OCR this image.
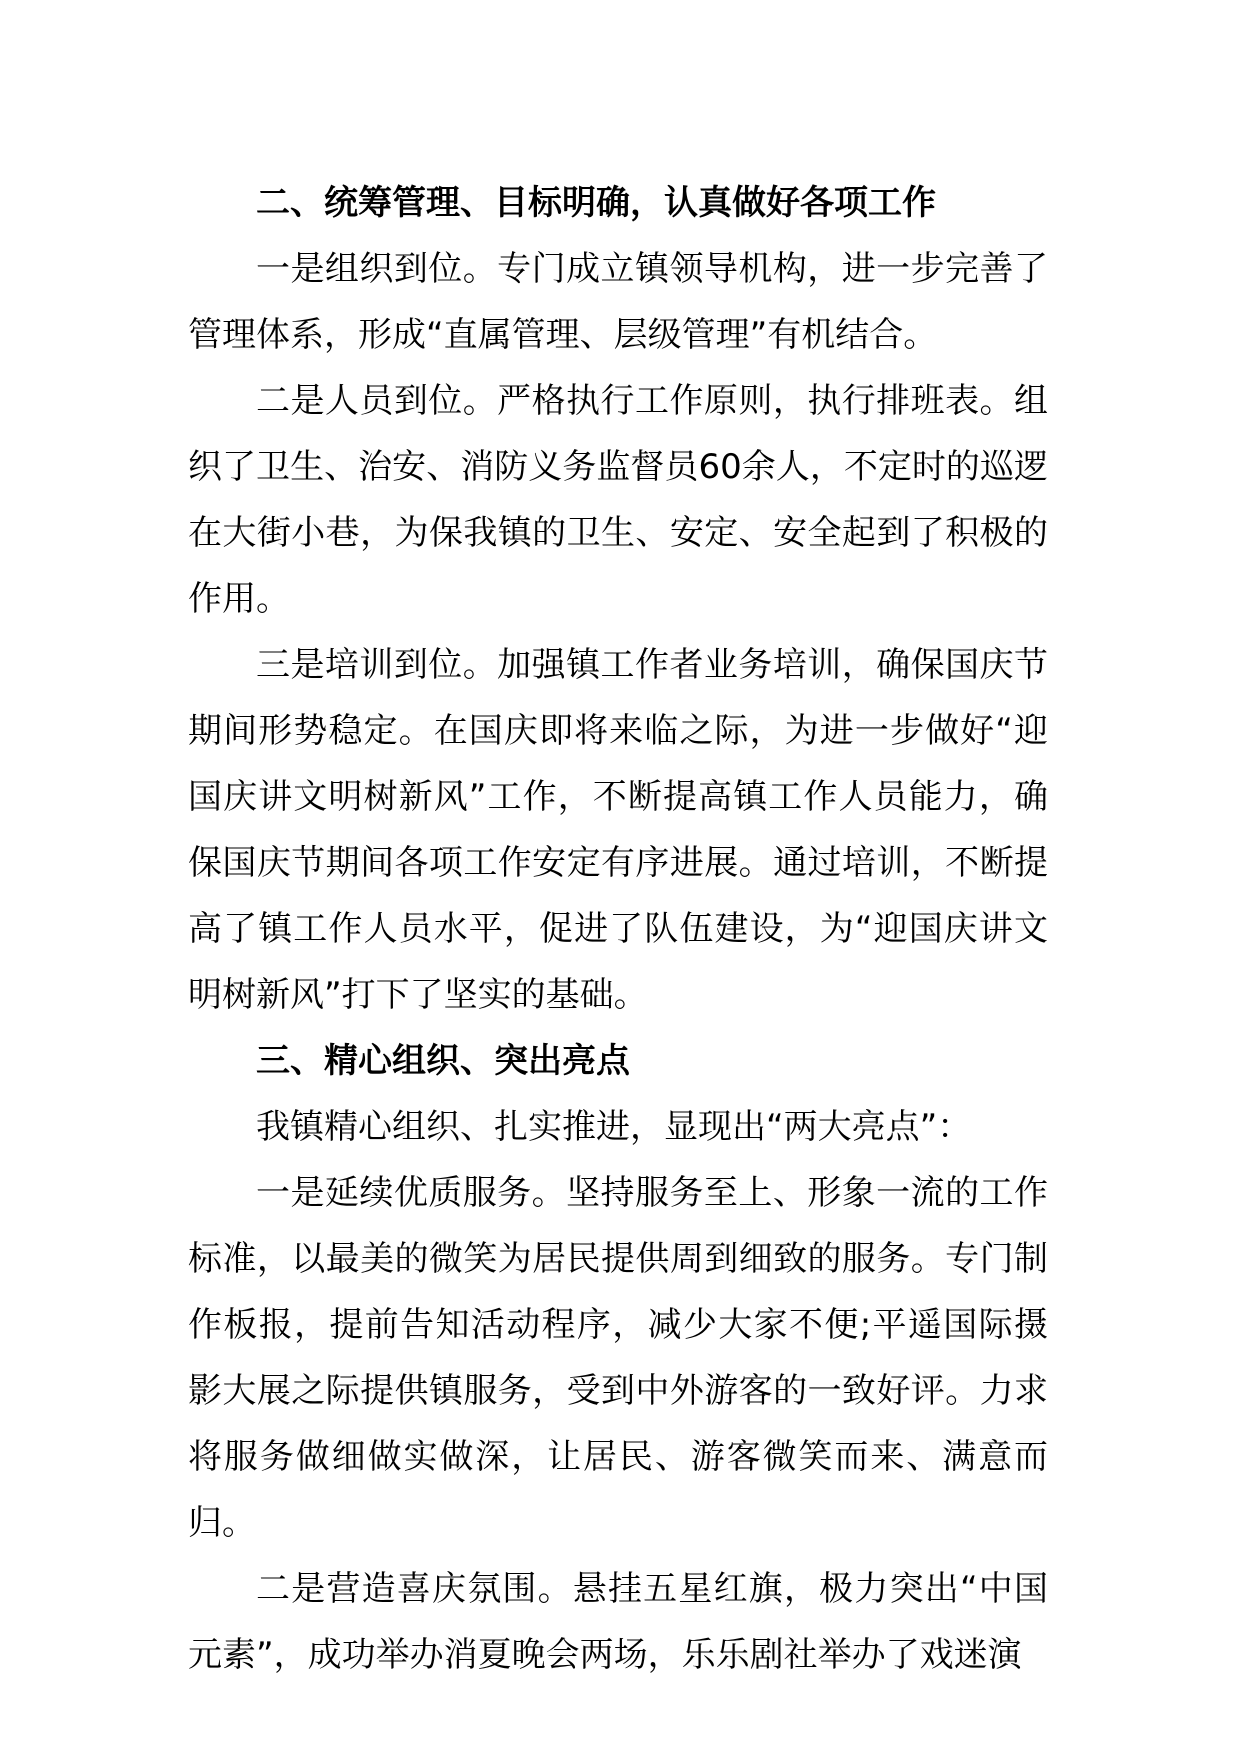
二、统筹管理、目标明确，认真做好各项工作

一是组织到位。专门成立镇领导机构，进一步完善了管理体系，形成“直属管理、层级管理”有机结合。

二是人员到位。严格执行工作原则，执行排班表。组织了卫生、治安、消防义务监督员60余人，不定时的巡逻在大街小巷，为保我镇的卫生、安定、安全起到了积极的作用。

三是培训到位。加强镇工作者业务培训，确保国庆节期间形势稳定。在国庆即将来临之际，为进一步做好“迎国庆讲文明树新风”工作，不断提高镇工作人员能力，确保国庆节期间各项工作安定有序进展。通过培训，不断提高了镇工作人员水平，促进了队伍建设，为“迎国庆讲文明树新风”打下了坚实的基础。

三、精心组织、突出亮点

我镇精心组织、扎实推进，显现出“两大亮点”：

一是延续优质服务。坚持服务至上、形象一流的工作标准，以最美的微笑为居民提供周到细致的服务。专门制作板报，提前告知活动程序，减少大家不便;平遥国际摄影大展之际提供镇服务，受到中外游客的一致好评。力求将服务做细做实做深，让居民、游客微笑而来、满意而归。

二是营造喜庆氛围。悬挂五星红旗，极力突出“中国元素”，成功举办消夏晚会两场，乐乐剧社举办了戏迷演
